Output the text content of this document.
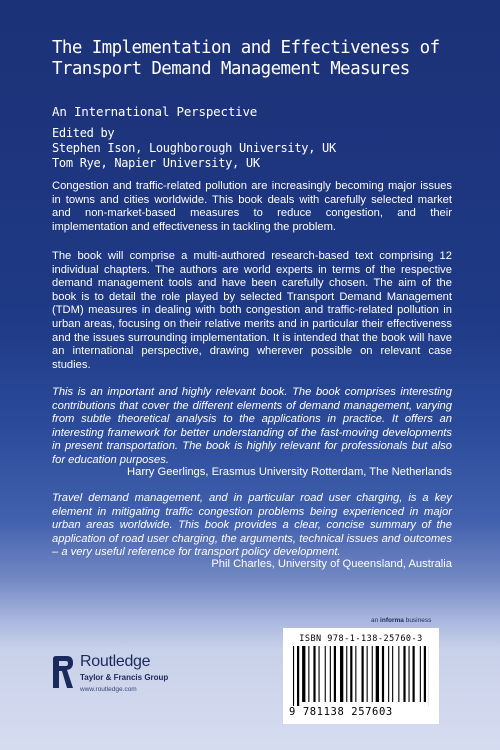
The Implementation and Effectiveness of Transport Demand Management Measures
An International Perspective
Edited by
Stephen Ison, Loughborough University, UK
Tom Rye, Napier University, UK

Congestion and traffic-related pollution are increasingly becoming major issues in towns and cities worldwide. This book deals with carefully selected market and non-market-based measures to reduce congestion, and their implementation and effectiveness in tackling the problem.

The book will comprise a multi-authored research-based text comprising 12 individual chapters. The authors are world experts in terms of the respective demand management tools and have been carefully chosen. The aim of the book is to detail the role played by selected Transport Demand Management (TDM) measures in dealing with both congestion and traffic-related pollution in urban areas, focusing on their relative merits and in particular their effectiveness and the issues surrounding implementation. It is intended that the book will have an international perspective, drawing wherever possible on relevant case studies.

This is an important and highly relevant book. The book comprises interesting contributions that cover the different elements of demand management, varying from subtle theoretical analysis to the applications in practice. It offers an interesting framework for better understanding of the fast-moving developments in present transportation. The book is highly relevant for professionals but also for education purposes.

Harry Geerlings, Erasmus University Rotterdam, The Netherlands

Travel demand management, and in particular road user charging, is a key element in mitigating traffic congestion problems being experienced in major urban areas worldwide. This book provides a clear, concise summary of the application of road user charging, the arguments, technical issues and outcomes – a very useful reference for transport policy development.

Phil Charles, University of Queensland, Australia
an informa business
ISBN 978-1-138-25760-3
9 781138 257603
Routledge
Taylor & Francis Group
www.routledge.com
